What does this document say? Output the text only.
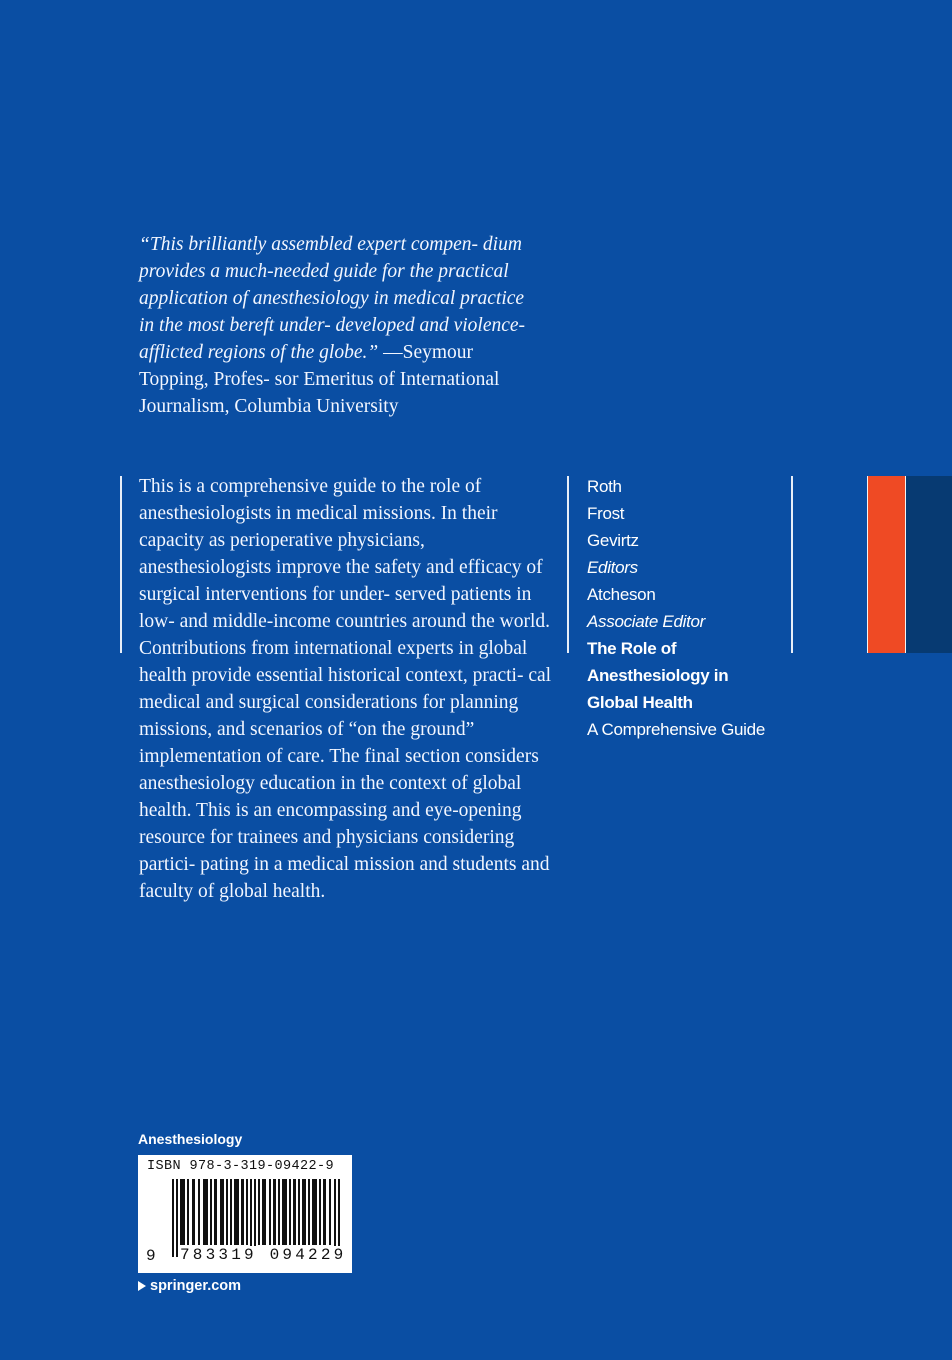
“This brilliantly assembled expert compen- dium provides a much-needed guide for the practical application of anesthesiology in medical practice in the most bereft under- developed and violence-afflicted regions of the globe.” —Seymour Topping, Profes- sor Emeritus of International Journalism, Columbia University
This is a comprehensive guide to the role of anesthesiologists in medical missions. In their capacity as perioperative physicians, anesthesiologists improve the safety and efficacy of surgical interventions for under- served patients in low- and middle-income countries around the world. Contributions from international experts in global health provide essential historical context, practi- cal medical and surgical considerations for planning missions, and scenarios of “on the ground” implementation of care. The final section considers anesthesiology education in the context of global health. This is an encompassing and eye-opening resource for trainees and physicians considering partici- pating in a medical mission and students and faculty of global health.
Roth
Frost
Gevirtz
Editors
Atcheson
Associate Editor
The Role of
Anesthesiology in
Global Health
A Comprehensive Guide
Anesthesiology
ISBN 978-3-319-09422-9
9 783319 094229
springer.com
